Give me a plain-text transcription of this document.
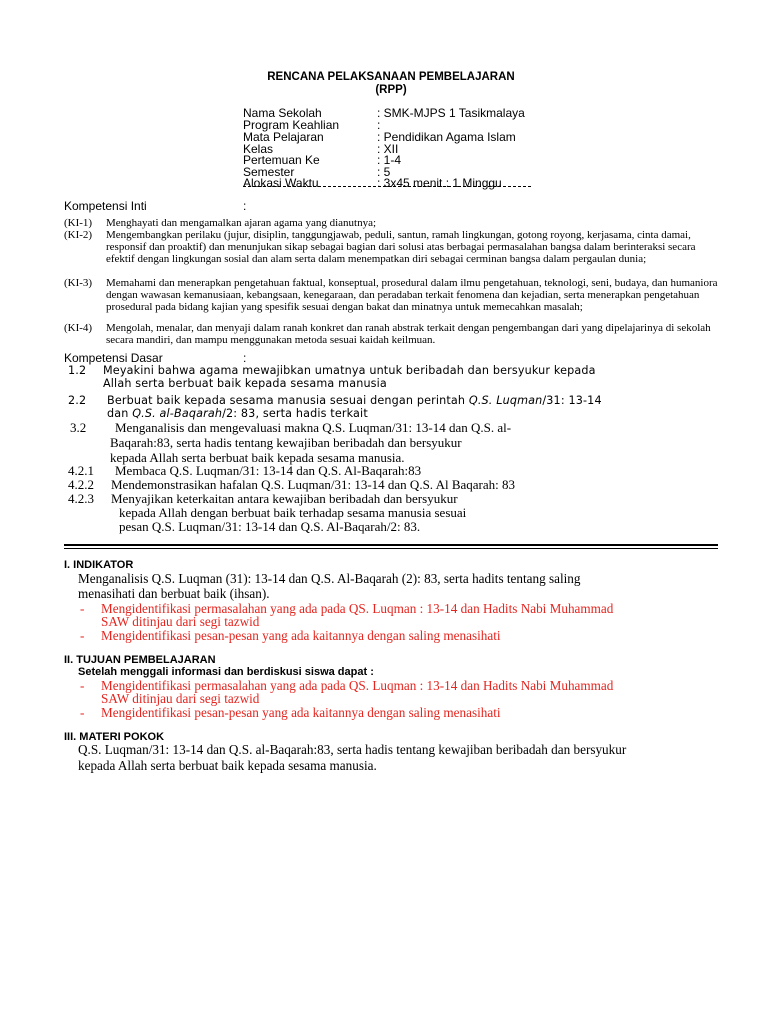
RENCANA PELAKSANAAN PEMBELAJARAN
(RPP)
Nama Sekolah	: SMK-MJPS 1 Tasikmalaya
Program Keahlian	:
Mata Pelajaran	: Pendidikan Agama Islam
Kelas	: XII
Pertemuan Ke	: 1-4
Semester	: 5
Alokasi Waktu	: 3x45 menit : 1 Minggu
Kompetensi Inti	:
(KI-1) Menghayati dan mengamalkan ajaran agama yang dianutnya;
(KI-2) Mengembangkan perilaku (jujur, disiplin, tanggungjawab, peduli, santun, ramah lingkungan, gotong royong, kerjasama, cinta damai, responsif dan proaktif) dan menunjukan sikap sebagai bagian dari solusi atas berbagai permasalahan bangsa dalam berinteraksi secara efektif dengan lingkungan sosial dan alam serta dalam menempatkan diri sebagai cerminan bangsa dalam pergaulan dunia;
(KI-3) Memahami dan menerapkan pengetahuan faktual, konseptual, prosedural dalam ilmu pengetahuan, teknologi, seni, budaya, dan humaniora dengan wawasan kemanusiaan, kebangsaan, kenegaraan, dan peradaban terkait fenomena dan kejadian, serta menerapkan pengetahuan prosedural pada bidang kajian yang spesifik sesuai dengan bakat dan minatnya untuk memecahkan masalah;
(KI-4) Mengolah, menalar, dan menyaji dalam ranah konkret dan ranah abstrak terkait dengan pengembangan dari yang dipelajarinya di sekolah secara mandiri, dan mampu menggunakan metoda sesuai kaidah keilmuan.
Kompetensi Dasar	:
1.2 Meyakini bahwa agama mewajibkan umatnya untuk beribadah dan bersyukur kepada
Allah serta berbuat baik kepada sesama manusia
2.2 Berbuat baik kepada sesama manusia sesuai dengan perintah Q.S. Luqman/31: 13-14
dan Q.S. al-Baqarah/2: 83, serta hadis terkait
3.2 Menganalisis dan mengevaluasi makna Q.S. Luqman/31: 13-14 dan Q.S. al-
Baqarah:83, serta hadis tentang kewajiban beribadah dan bersyukur
kepada Allah serta berbuat baik kepada sesama manusia.
4.2.1 Membaca Q.S. Luqman/31: 13-14 dan Q.S. Al-Baqarah:83
4.2.2 Mendemonstrasikan hafalan Q.S. Luqman/31: 13-14 dan Q.S. Al Baqarah: 83
4.2.3 Menyajikan keterkaitan antara kewajiban beribadah dan bersyukur
kepada Allah dengan berbuat baik terhadap sesama manusia sesuai
pesan Q.S. Luqman/31: 13-14 dan Q.S. Al-Baqarah/2: 83.
I. INDIKATOR
Menganalisis Q.S. Luqman (31): 13-14 dan Q.S. Al-Baqarah (2): 83, serta hadits tentang saling
menasihati dan berbuat baik (ihsan).
- Mengidentifikasi permasalahan yang ada pada QS. Luqman : 13-14 dan Hadits Nabi Muhammad
SAW ditinjau dari segi tazwid
- Mengidentifikasi pesan-pesan yang ada kaitannya dengan saling menasihati
II. TUJUAN PEMBELAJARAN
Setelah menggali informasi dan berdiskusi siswa dapat :
- Mengidentifikasi permasalahan yang ada pada QS. Luqman : 13-14 dan Hadits Nabi Muhammad
SAW ditinjau dari segi tazwid
- Mengidentifikasi pesan-pesan yang ada kaitannya dengan saling menasihati
III. MATERI POKOK
Q.S. Luqman/31: 13-14 dan Q.S. al-Baqarah:83, serta hadis tentang kewajiban beribadah dan bersyukur
kepada Allah serta berbuat baik kepada sesama manusia.
